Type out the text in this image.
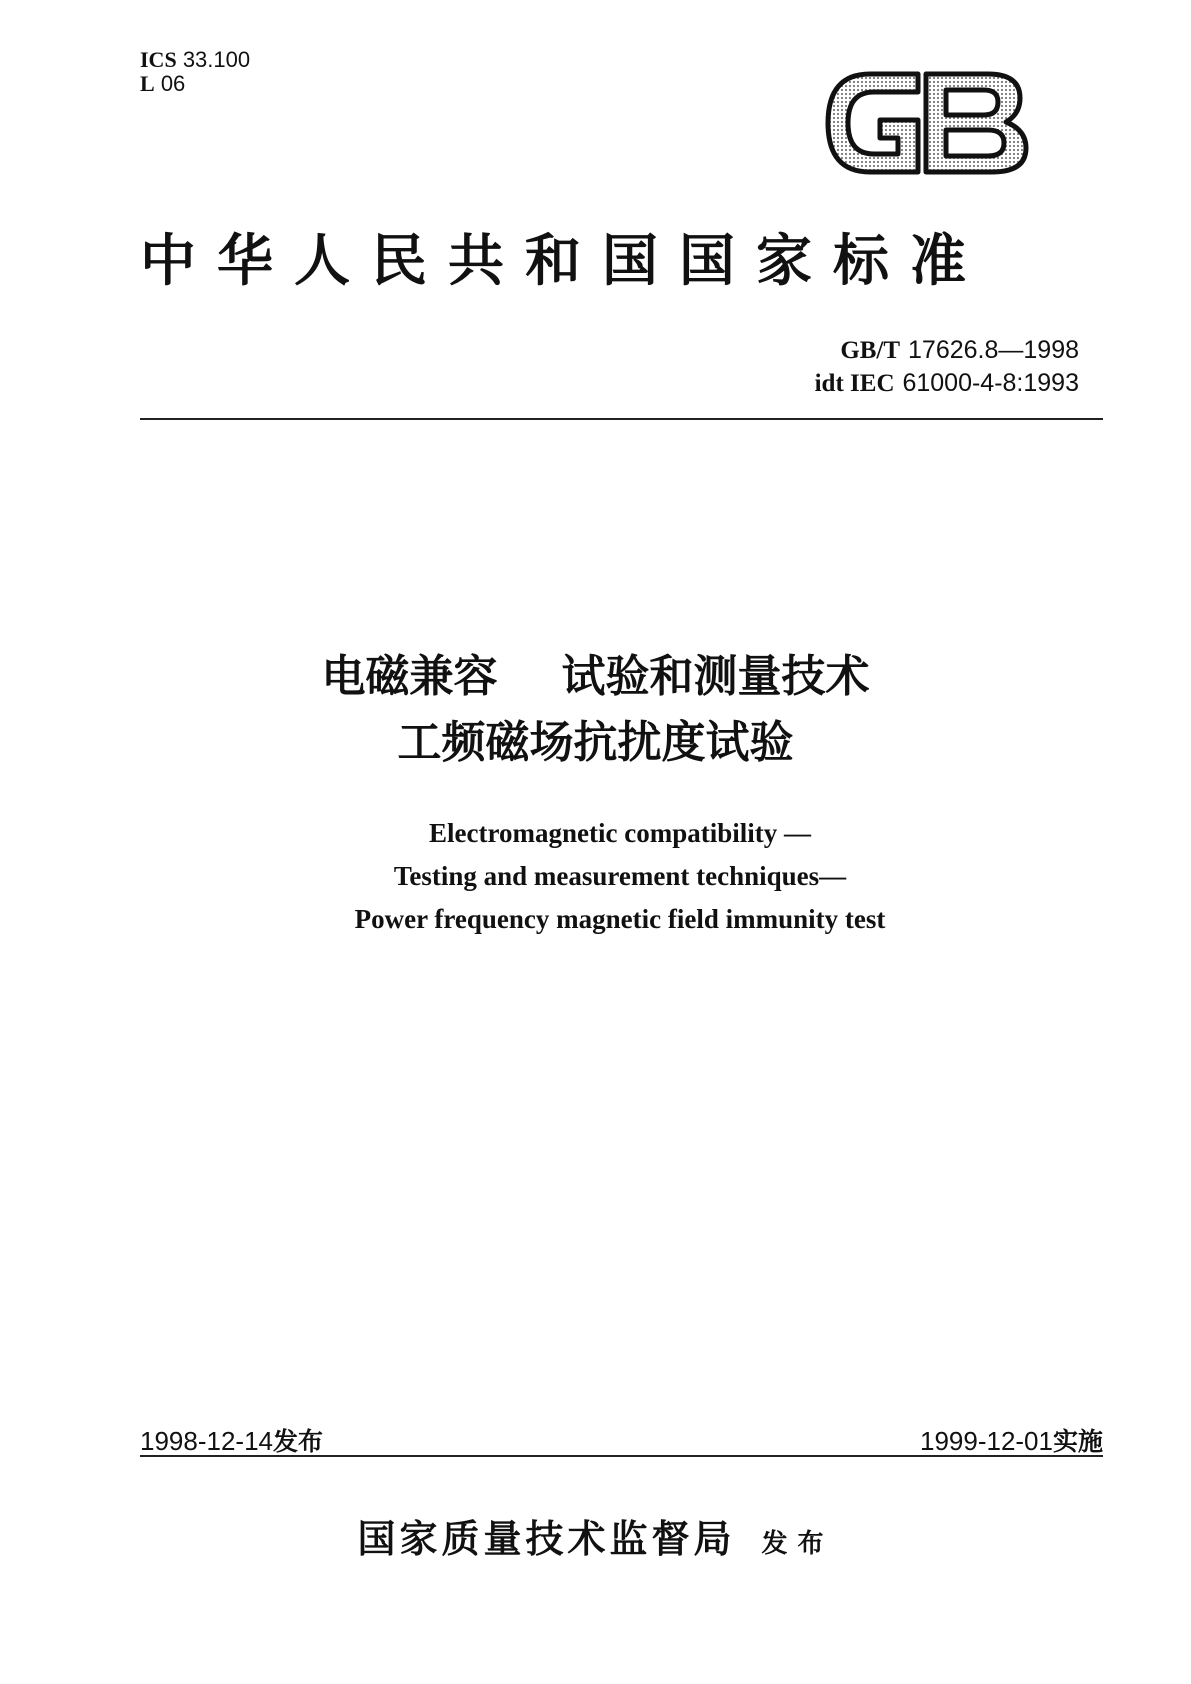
ICS 33.100
L 06
中华人民共和国国家标准
GB/T 17626.8—1998
idt IEC 61000-4-8:1993
电磁兼容 试验和测量技术
工频磁场抗扰度试验
Electromagnetic compatibility —
Testing and measurement techniques—
Power frequency magnetic field immunity test
1998-12-14发布	1999-12-01实施
国家质量技术监督局 发布
